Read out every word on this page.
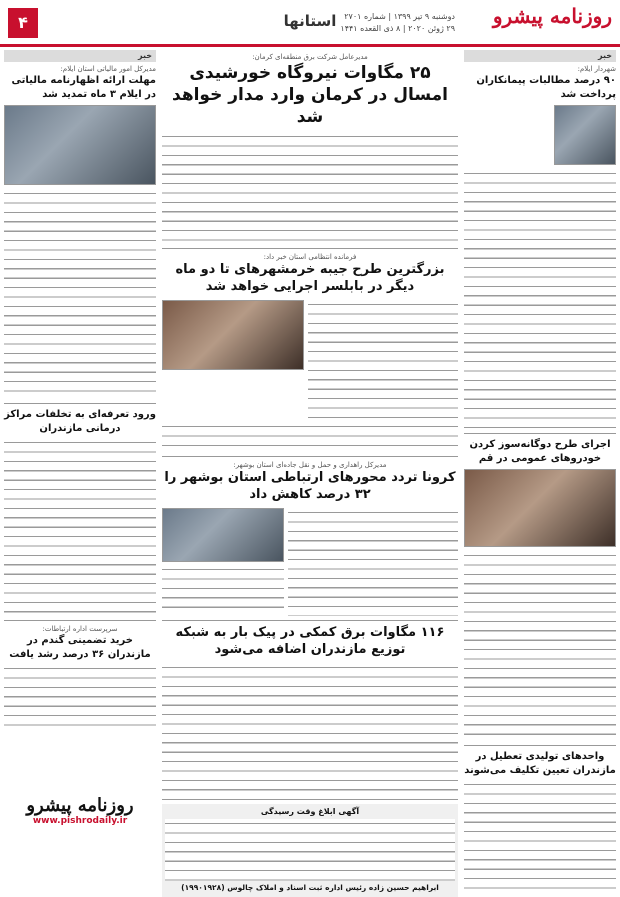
۴	استانها دوشنبه ۹ تیر ۱۳۹۹ | شماره ۲۷۰۱
۲۹ ژوئن ۲۰۲۰ | ۸ ذی القعده ۱۴۴۱
روزنامه پیشرو
خبر
شهردار ایلام:
۹۰ درصد مطالبات پیمانکاران پرداخت شد
اجرای طرح دوگانه‌سوز کردن خودروهای عمومی در قم
واحدهای تولیدی تعطیل در مازندران تعیین تکلیف می‌شوند
مدیرعامل شرکت برق منطقه‌ای کرمان:
۲۵ مگاوات نیروگاه خورشیدی امسال در کرمان وارد مدار خواهد شد
فرمانده انتظامی استان خبر داد:
بزرگترین طرح جیبه خرمشهرهای تا دو ماه دیگر در بابلسر اجرایی خواهد شد
مدیرکل راهداری و حمل و نقل جاده‌ای استان بوشهر:
کرونا تردد محورهای ارتباطی استان بوشهر را ۳۲ درصد کاهش داد
۱۱۶ مگاوات برق کمکی در پیک بار به شبکه توزیع مازندران اضافه می‌شود
آگهی ابلاغ وقت رسیدگی
ابراهیم حسین زاده رئیس اداره ثبت اسناد و املاک چالوس (۱۹۹۰۱۹۲۸)
خبر
مدیرکل امور مالیاتی استان ایلام:
مهلت ارائه اظهارنامه مالیاتی در ایلام ۳ ماه تمدید شد
ورود تعرفه‌ای به تخلفات مراکز درمانی مازندران
سرپرست اداره ارتباطات:
خرید تضمینی گندم در مازندران ۳۶ درصد رشد یافت
روزنامه پیشرو
www.pishrodaily.ir
